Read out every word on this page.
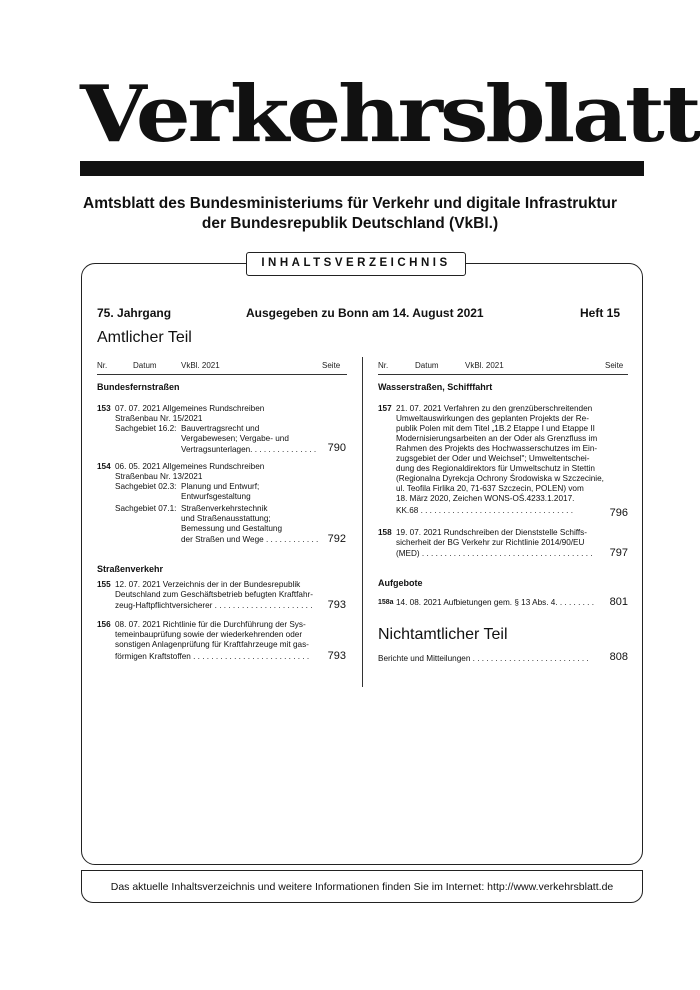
Verkehrsblatt
Amtsblatt des Bundesministeriums für Verkehr und digitale Infrastruktur
der Bundesrepublik Deutschland (VkBl.)
INHALTSVERZEICHNIS
75. Jahrgang	Ausgegeben zu Bonn am 14. August 2021	Heft 15
Amtlicher Teil
Nr.	Datum	VkBl. 2021	Seite	Nr.	Datum	VkBl. 2021	Seite
Bundesfernstraßen
153 07. 07. 2021 Allgemeines Rundschreiben
Straßenbau Nr. 15/2021
Sachgebiet 16.2: Bauvertragsrecht und
Vergabewesen; Vergabe- und
Vertragsunterlagen. . . . . . . . . . . . . . .	790
154 06. 05. 2021 Allgemeines Rundschreiben
Straßenbau Nr. 13/2021
Sachgebiet 02.3: Planung und Entwurf;
Entwurfsgestaltung
Sachgebiet 07.1: Straßenverkehrstechnik
und Straßenausstattung;
Bemessung und Gestaltung
der Straßen und Wege . . . . . . . . . . . . 792
Straßenverkehr
155 12. 07. 2021 Verzeichnis der in der Bundesrepublik
Deutschland zum Geschäftsbetrieb befugten Kraftfahr-
zeug-Haftpflichtversicherer . . . . . . . . . . . . . . . . . . . . . .	793
156 08. 07. 2021 Richtlinie für die Durchführung der Sys-
temeinbauprüfung sowie der wiederkehrenden oder
sonstigen Anlagenprüfung für Kraftfahrzeuge mit gas-
förmigen Kraftstoffen . . . . . . . . . . . . . . . . . . . . . . . . . .	793
Wasserstraßen, Schifffahrt
157 21. 07. 2021 Verfahren zu den grenzüberschreitenden
Umweltauswirkungen des geplanten Projekts der Re-
publik Polen mit dem Titel „1B.2 Etappe I und Etappe II
Modernisierungsarbeiten an der Oder als Grenzfluss im
Rahmen des Projekts des Hochwasserschutzes im Ein-
zugsgebiet der Oder und Weichsel"; Umweltentschei-
dung des Regionaldirektors für Umweltschutz in Stettin
(Regionalna Dyrekcja Ochrony Środowiska w Szczecinie,
ul. Teofila Firlika 20, 71-637 Szczecin, POLEN) vom
18. März 2020, Zeichen WONS-OŚ.4233.1.2017.
KK.68 . . . . . . . . . . . . . . . . . . . . . . . . . . . . . . . . . .	796
158 19. 07. 2021 Rundschreiben der Dienststelle Schiffs-
sicherheit der BG Verkehr zur Richtlinie 2014/90/EU
(MED) . . . . . . . . . . . . . . . . . . . . . . . . . . . . . . . . . . . . . .	797
Aufgebote
158a 14. 08. 2021 Aufbietungen gem. § 13 Abs. 4. . . . . . . . .	801
Nichtamtlicher Teil
Berichte und Mitteilungen . . . . . . . . . . . . . . . . . . . . . . . . . .	808
Das aktuelle Inhaltsverzeichnis und weitere Informationen finden Sie im Internet: http://www.verkehrsblatt.de
